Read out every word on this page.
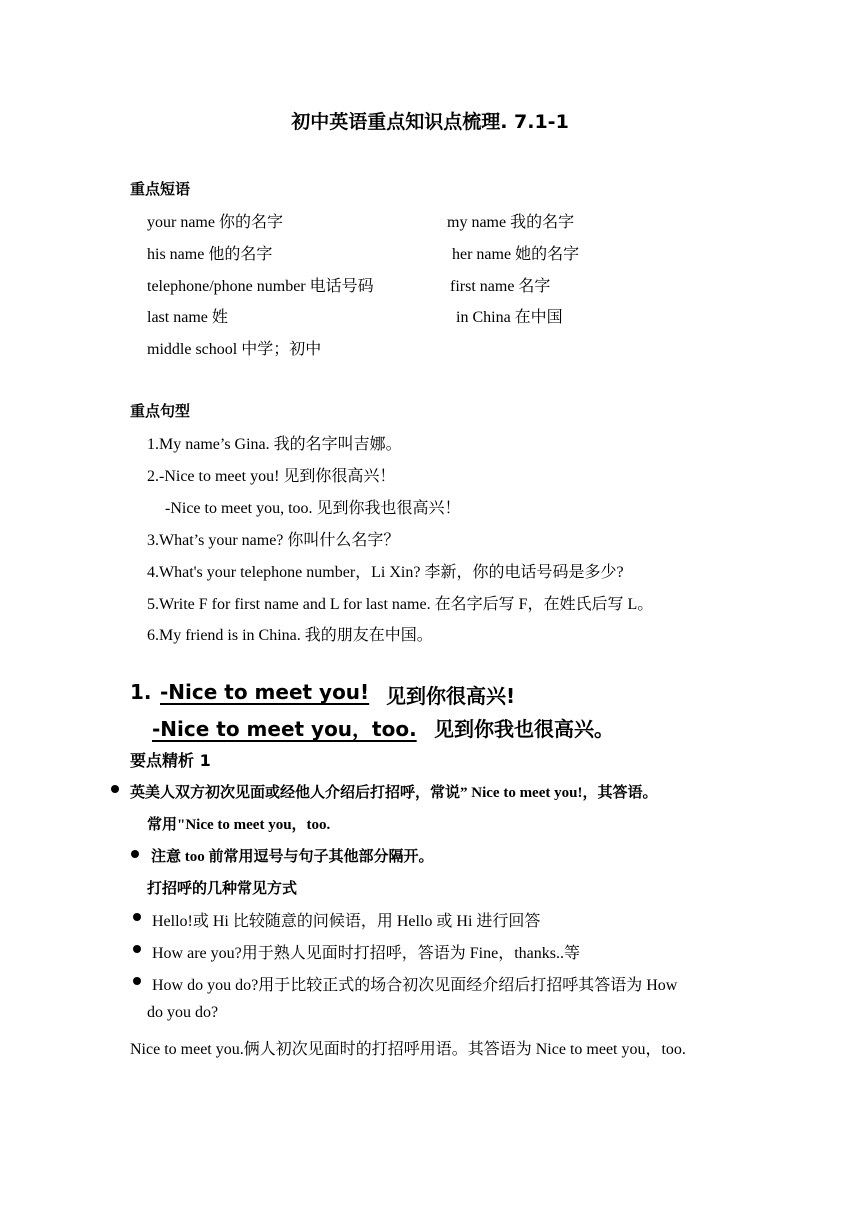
初中英语重点知识点梳理. 7.1-1
重点短语
your name 你的名字	my name 我的名字
his name 他的名字	her name 她的名字
telephone/phone number 电话号码	first name 名字
last name 姓	in China 在中国
middle school 中学；初中
重点句型
1.My name’s Gina. 我的名字叫吉娜。
2.-Nice to meet you! 见到你很高兴！
-Nice to meet you, too. 见到你我也很高兴！
3.What’s your name? 你叫什么名字？
4.What's your telephone number，Li Xin? 李新，你的电话号码是多少?
5.Write F for first name and L for last name. 在名字后写 F，在姓氏后写 L。
6.My friend is in China. 我的朋友在中国。
1. -Nice to meet you! 见到你很高兴!
-Nice to meet you，too. 见到你我也很高兴。
要点精析 1
英美人双方初次见面或经他人介绍后打招呼，常说” Nice to meet you!，其答语。
常用"Nice to meet you，too.
注意 too 前常用逗号与句子其他部分隔开。
打招呼的几种常见方式
Hello!或 Hi 比较随意的问候语，用 Hello 或 Hi 进行回答
How are you?用于熟人见面时打招呼，答语为 Fine，thanks..等
How do you do?用于比较正式的场合初次见面经介绍后打招呼其答语为 How
do you do?
Nice to meet you.俩人初次见面时的打招呼用语。其答语为 Nice to meet you，too.
